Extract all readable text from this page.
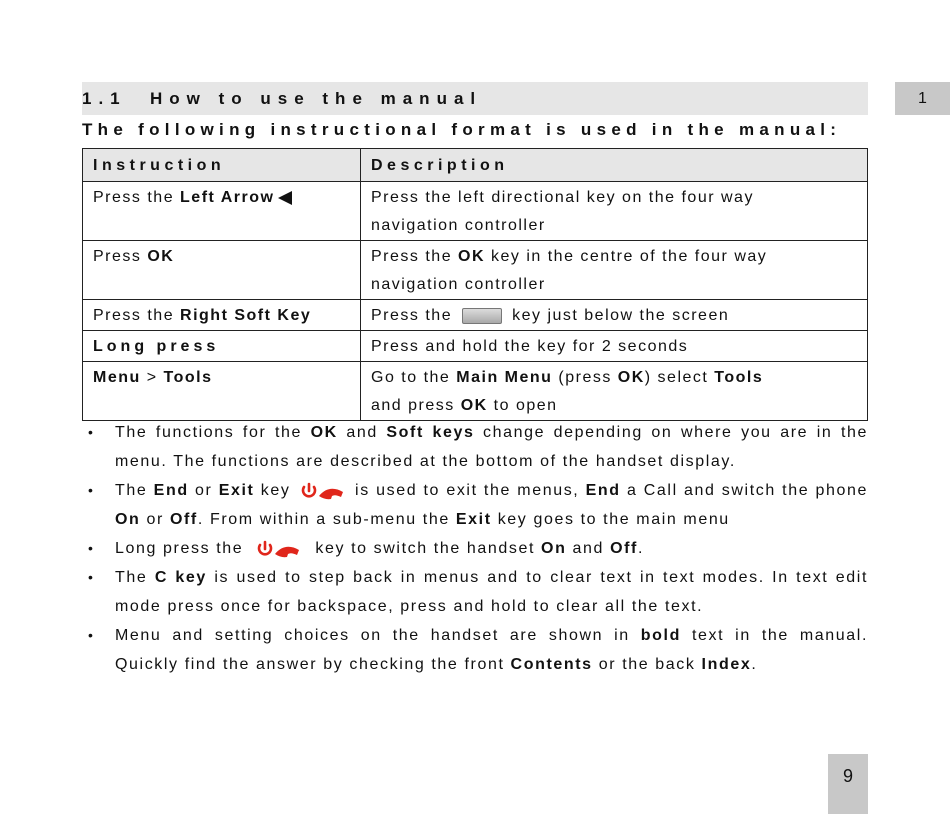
1.1 How to use the manual	1
The following instructional format is used in the manual:
Instruction	Description
Press the Left Arrow	Press the left directional key on the four way
navigation controller
Press OK	Press the OK key in the centre of the four way
navigation controller
Press the Right Soft Key	Press the key just below the screen
Long press	Press and hold the key for 2 seconds
Menu > Tools	Go to the Main Menu (press OK) select Tools
and press OK to open
• The functions for the OK and Soft keys change depending on where you are in the menu. The functions are described at the bottom of the handset display.
• The End or Exit key	is used to exit the menus, End a Call and switch the phone On or Off. From within a sub-menu the Exit key goes to the main menu
• Long press the	key to switch the handset On and Off.
• The C key is used to step back in menus and to clear text in text modes. In text edit mode press once for backspace, press and hold to clear all the text.
• Menu and setting choices on the handset are shown in bold text in the manual. Quickly find the answer by checking the front Contents or the back Index.
9
